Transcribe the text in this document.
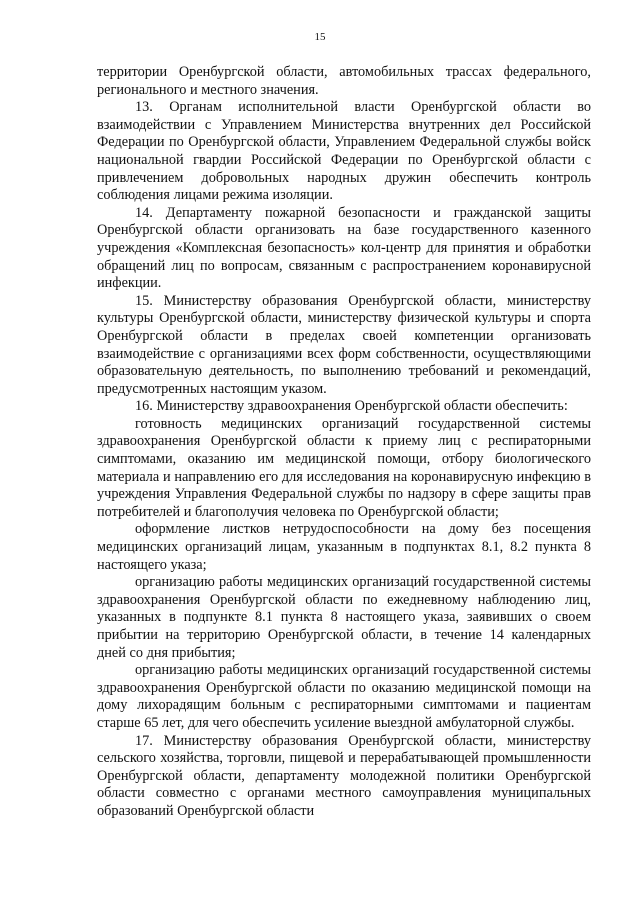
15

территории Оренбургской области, автомобильных трассах федерального, регионального и местного значения.

13. Органам исполнительной власти Оренбургской области во взаимодействии с Управлением Министерства внутренних дел Российской Федерации по Оренбургской области, Управлением Федеральной службы войск национальной гвардии Российской Федерации по Оренбургской области с привлечением добровольных народных дружин обеспечить контроль соблюдения лицами режима изоляции.

14. Департаменту пожарной безопасности и гражданской защиты Оренбургской области организовать на базе государственного казенного учреждения «Комплексная безопасность» кол-центр для принятия и обработки обращений лиц по вопросам, связанным с распространением коронавирусной инфекции.

15. Министерству образования Оренбургской области, министерству культуры Оренбургской области, министерству физической культуры и спорта Оренбургской области в пределах своей компетенции организовать взаимодействие с организациями всех форм собственности, осуществляющими образовательную деятельность, по выполнению требований и рекомендаций, предусмотренных настоящим указом.

16. Министерству здравоохранения Оренбургской области обеспечить:

готовность медицинских организаций государственной системы здравоохранения Оренбургской области к приему лиц с респираторными симптомами, оказанию им медицинской помощи, отбору биологического материала и направлению его для исследования на коронавирусную инфекцию в учреждения Управления Федеральной службы по надзору в сфере защиты прав потребителей и благополучия человека по Оренбургской области;

оформление листков нетрудоспособности на дому без посещения медицинских организаций лицам, указанным в подпунктах 8.1, 8.2 пункта 8 настоящего указа;

организацию работы медицинских организаций государственной системы здравоохранения Оренбургской области по ежедневному наблюдению лиц, указанных в подпункте 8.1 пункта 8 настоящего указа, заявивших о своем прибытии на территорию Оренбургской области, в течение 14 календарных дней со дня прибытия;

организацию работы медицинских организаций государственной системы здравоохранения Оренбургской области по оказанию медицинской помощи на дому лихорадящим больным с респираторными симптомами и пациентам старше 65 лет, для чего обеспечить усиление выездной амбулаторной службы.

17. Министерству образования Оренбургской области, министерству сельского хозяйства, торговли, пищевой и перерабатывающей промышленности Оренбургской области, департаменту молодежной политики Оренбургской области совместно с органами местного самоуправления муниципальных образований Оренбургской области
